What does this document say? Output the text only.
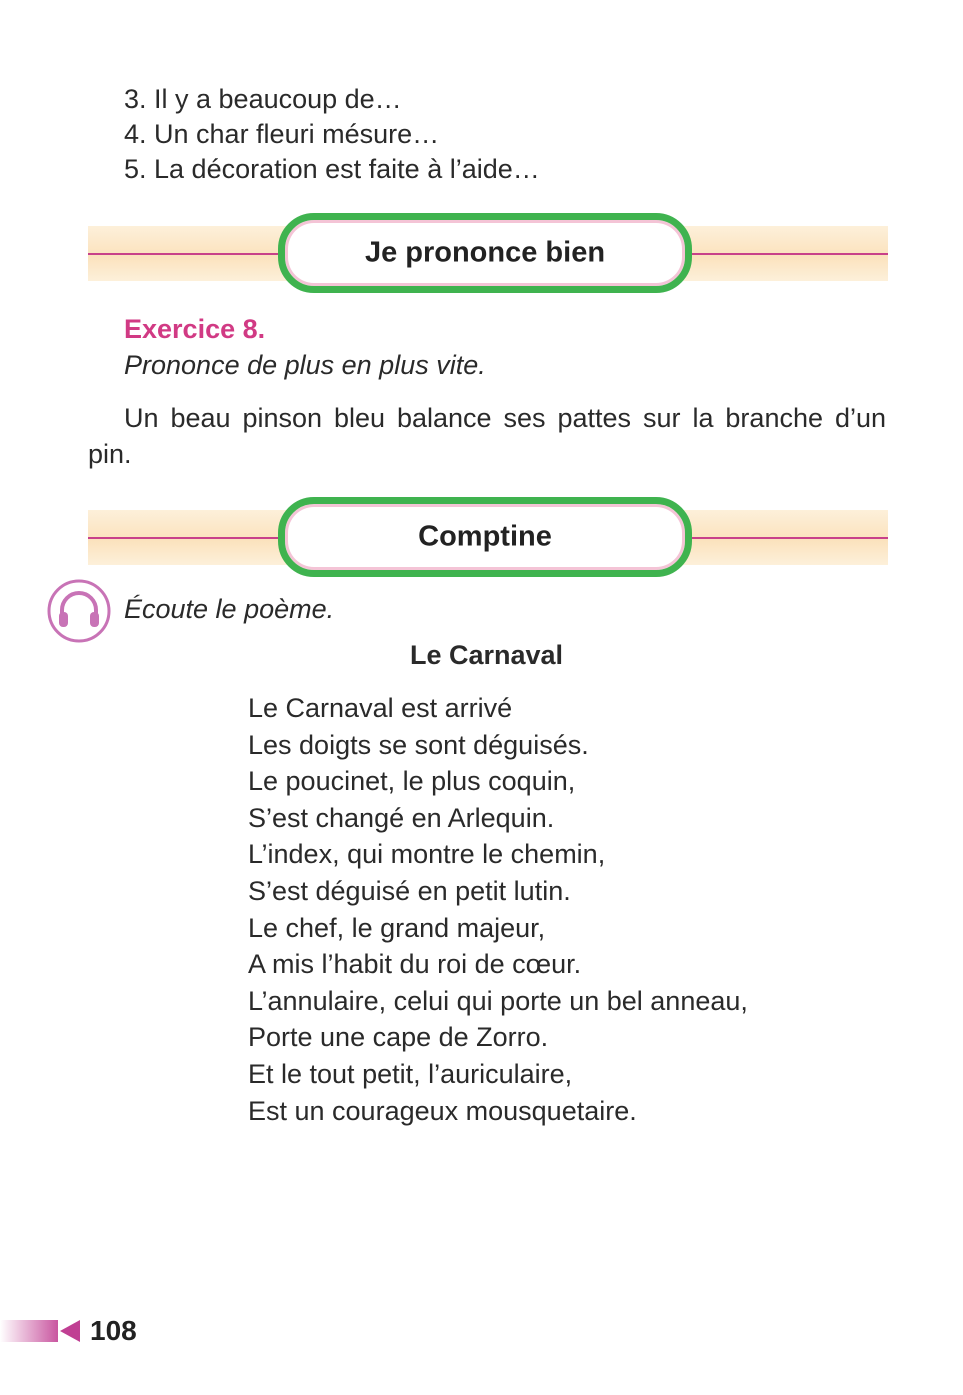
3. Il y a beaucoup de…
4. Un char fleuri mésure…
5. La décoration est faite à l’aide…
Je prononce bien
Exercice 8.
Prononce de plus en plus vite.

Un beau pinson bleu balance ses pattes sur la branche d’un pin.

Comptine
Écoute le poème.
Le Carnaval
Le Carnaval est arrivé
Les doigts se sont déguisés.
Le poucinet, le plus coquin,
S’est changé en Arlequin.
L’index, qui montre le chemin,
S’est déguisé en petit lutin.
Le chef, le grand majeur,
A mis l’habit du roi de cœur.
L’annulaire, celui qui porte un bel anneau,
Porte une cape de Zorro.
Et le tout petit, l’auriculaire,
Est un courageux mousquetaire.
108
